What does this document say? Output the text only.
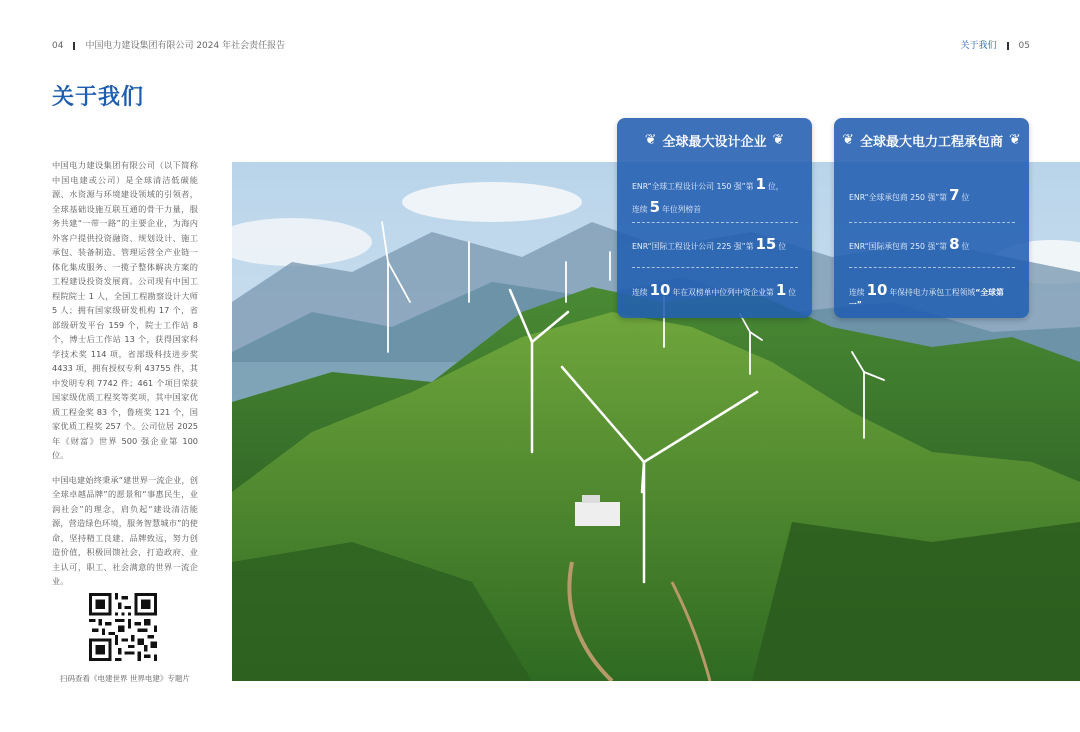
04 中国电力建设集团有限公司 2024 年社会责任报告	关于我们 05
关于我们

中国电力建设集团有限公司（以下简称中国电建或公司）是全球清洁低碳能源、水资源与环境建设领域的引领者，全球基础设施互联互通的骨干力量，服务共建“一带一路”的主要企业，为海内外客户提供投资融资、规划设计、施工承包、装备制造、管理运营全产业链一体化集成服务、一揽子整体解决方案的工程建设投资发展商。公司现有中国工程院院士 1 人，全国工程勘察设计大师 5 人；拥有国家级研发机构 17 个，省部级研发平台 159 个，院士工作站 8 个，博士后工作站 13 个，获得国家科学技术奖 114 项，省部级科技进步奖 4433 项，拥有授权专利 43755 件，其中发明专利 7742 件；461 个项目荣获国家级优质工程奖等奖项，其中国家优质工程金奖 83 个，鲁班奖 121 个，国家优质工程奖 257 个。公司位居 2025 年《财富》世界 500 强企业第 100 位。

中国电建始终秉承“建世界一流企业，创全球卓越品牌”的愿景和“事惠民生，业润社会”的理念，肩负起“建设清洁能源，营造绿色环境，服务智慧城市”的使命，坚持精工良建、品牌致远，努力创造价值，积极回馈社会，打造政府、业主认可，职工、社会满意的世界一流企业。

扫码查看《电建世界 世界电建》专题片
❦ 全球最大设计企业 ❦
ENR“全球工程设计公司 150 强”第 1 位，
连续 5 年位列榜首
ENR“国际工程设计公司 225 强”第 15 位
连续 10 年在双榜单中位列中资企业第 1 位
❦ 全球最大电力工程承包商 ❦
ENR“全球承包商 250 强”第 7 位
ENR“国际承包商 250 强”第 8 位
连续 10 年保持电力承包工程领域“全球第一”
